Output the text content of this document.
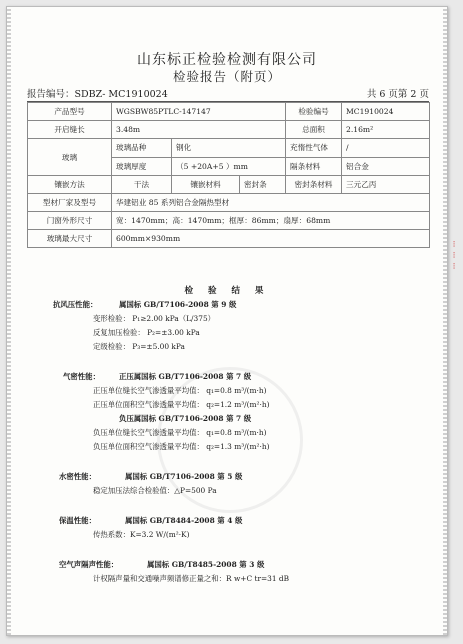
山东标正检验检测有限公司
检验报告（附页）
报告编号：SDBZ- MC1910024	共 6 页第 2 页
产品型号	WGSBW85PTLC-147147			检验编号	MC1910024
开启缝长	3.48m			总面积	2.16m²
玻璃	玻璃品种	钢化		充惰性气体	/
	玻璃厚度	（5 +20A+5 ）mm		隔条材料	铝合金
镶嵌方法	干法	镶嵌材料	密封条	密封条材料	三元乙丙
型材厂家及型号	华建铝业 85 系列铝合金隔热型材				
门窗外形尺寸	宽：1470mm；高：1470mm；框厚：86mm；扇厚：68mm				
玻璃最大尺寸	600mm×930mm				
检 验 结 果
抗风压性能：	属国标 GB/T7106-2008 第 9 级
变形检验： P₁≥2.00 kPa（L/375）
反复加压检验： P₂=±3.00 kPa
定级检验： P₃=±5.00 kPa
气密性能：	正压属国标 GB/T7106-2008 第 7 级
正压单位缝长空气渗透量平均值： q₁=0.8 m³/(m·h)
正压单位面积空气渗透量平均值： q₂=1.2 m³/(m²·h)
负压属国标 GB/T7106-2008 第 7 级
负压单位缝长空气渗透量平均值： q₁=0.8 m³/(m·h)
负压单位面积空气渗透量平均值： q₂=1.3 m³/(m²·h)
水密性能：	属国标 GB/T7106-2008 第 5 级
稳定加压法综合检验值：△P=500 Pa
保温性能：	属国标 GB/T8484-2008 第 4 级
传热系数：K=3.2 W/(m²·K)
空气声隔声性能：	属国标 GB/T8485-2008 第 3 级
计权隔声量和交通噪声频谱修正量之和：R w+C tr=31 dB
⁝
⁝
⁝
